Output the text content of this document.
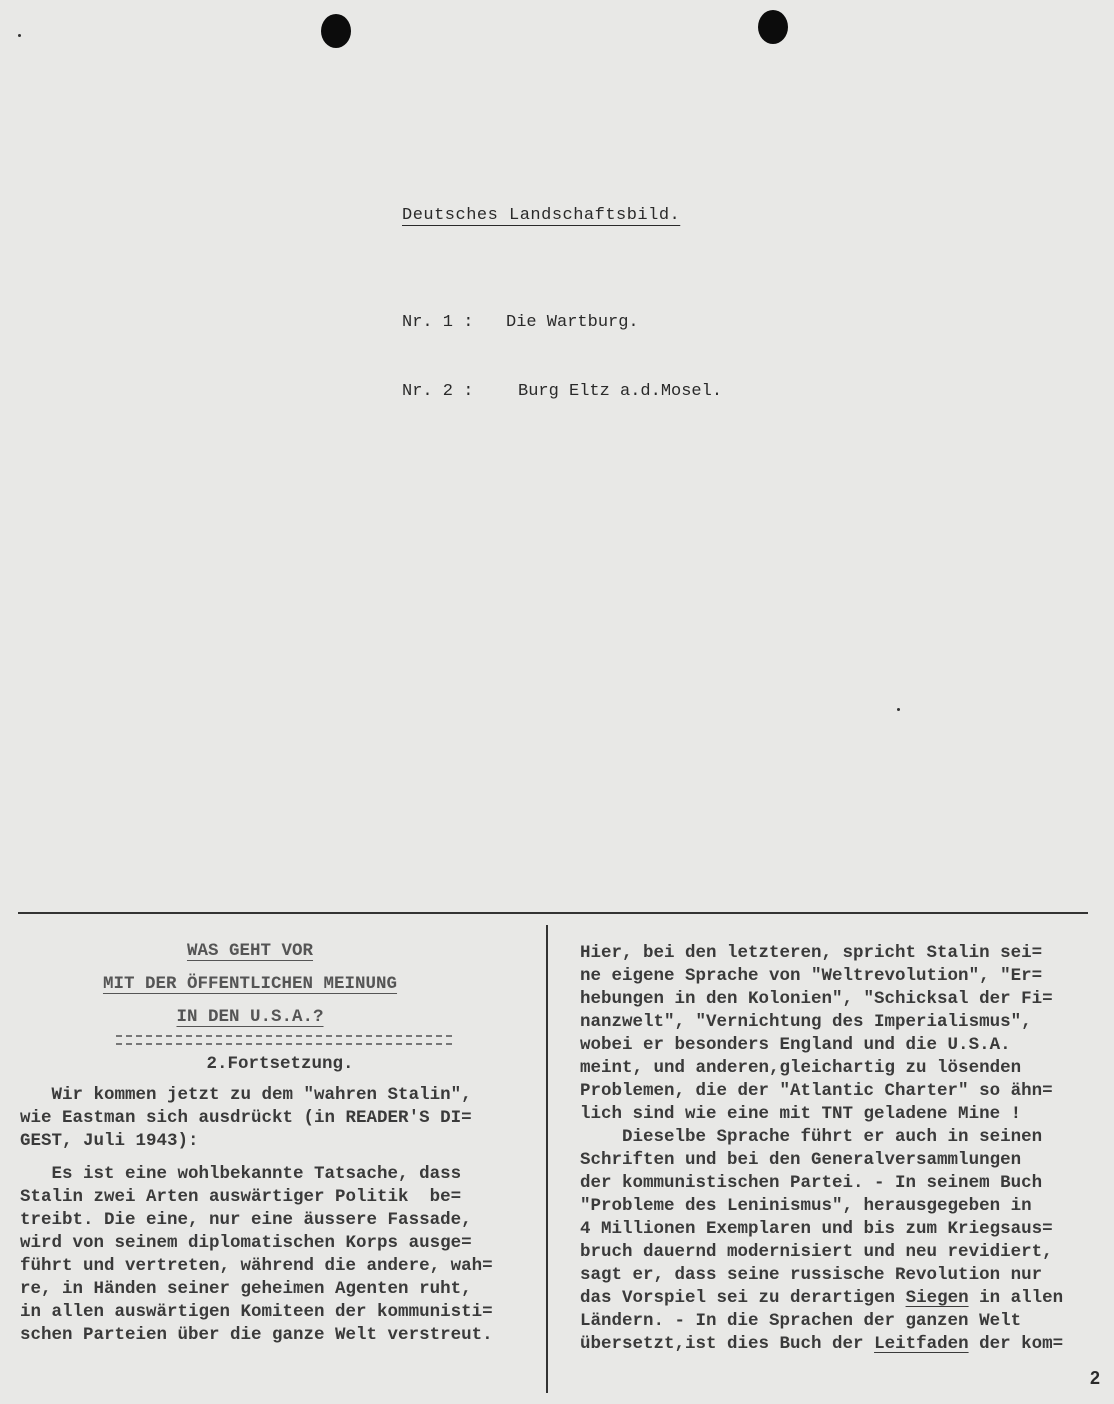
Deutsches Landschaftsbild.
Nr. 1 : Die Wartburg.
Nr. 2 :	Burg Eltz a.d.Mosel.
WAS GEHT VOR
MIT DER ÖFFENTLICHEN MEINUNG
IN DEN U.S.A.?
2.Fortsetzung.
Wir kommen jetzt zu dem "wahren Stalin",
wie Eastman sich ausdrückt (in READER'S DI=
GEST, Juli 1943):
Es ist eine wohlbekannte Tatsache, dass
Stalin zwei Arten auswärtiger Politik  be=
treibt. Die eine, nur eine äussere Fassade,
wird von seinem diplomatischen Korps ausge=
führt und vertreten, während die andere, wah=
re, in Händen seiner geheimen Agenten ruht,
in allen auswärtigen Komiteen der kommunisti=
schen Parteien über die ganze Welt verstreut.
Hier, bei den letzteren, spricht Stalin sei=
ne eigene Sprache von "Weltrevolution", "Er=
hebungen in den Kolonien", "Schicksal der Fi=
nanzwelt", "Vernichtung des Imperialismus",
wobei er besonders England und die U.S.A.
meint, und anderen,gleichartig zu lösenden
Problemen, die der "Atlantic Charter" so ähn=
lich sind wie eine mit TNT geladene Mine !
Dieselbe Sprache führt er auch in seinen
Schriften und bei den Generalversammlungen
der kommunistischen Partei. - In seinem Buch
"Probleme des Leninismus", herausgegeben in
4 Millionen Exemplaren und bis zum Kriegsaus=
bruch dauernd modernisiert und neu revidiert,
sagt er, dass seine russische Revolution nur
das Vorspiel sei zu derartigen Siegen in allen
Ländern. - In die Sprachen der ganzen Welt
übersetzt,ist dies Buch der Leitfaden der kom=
2
